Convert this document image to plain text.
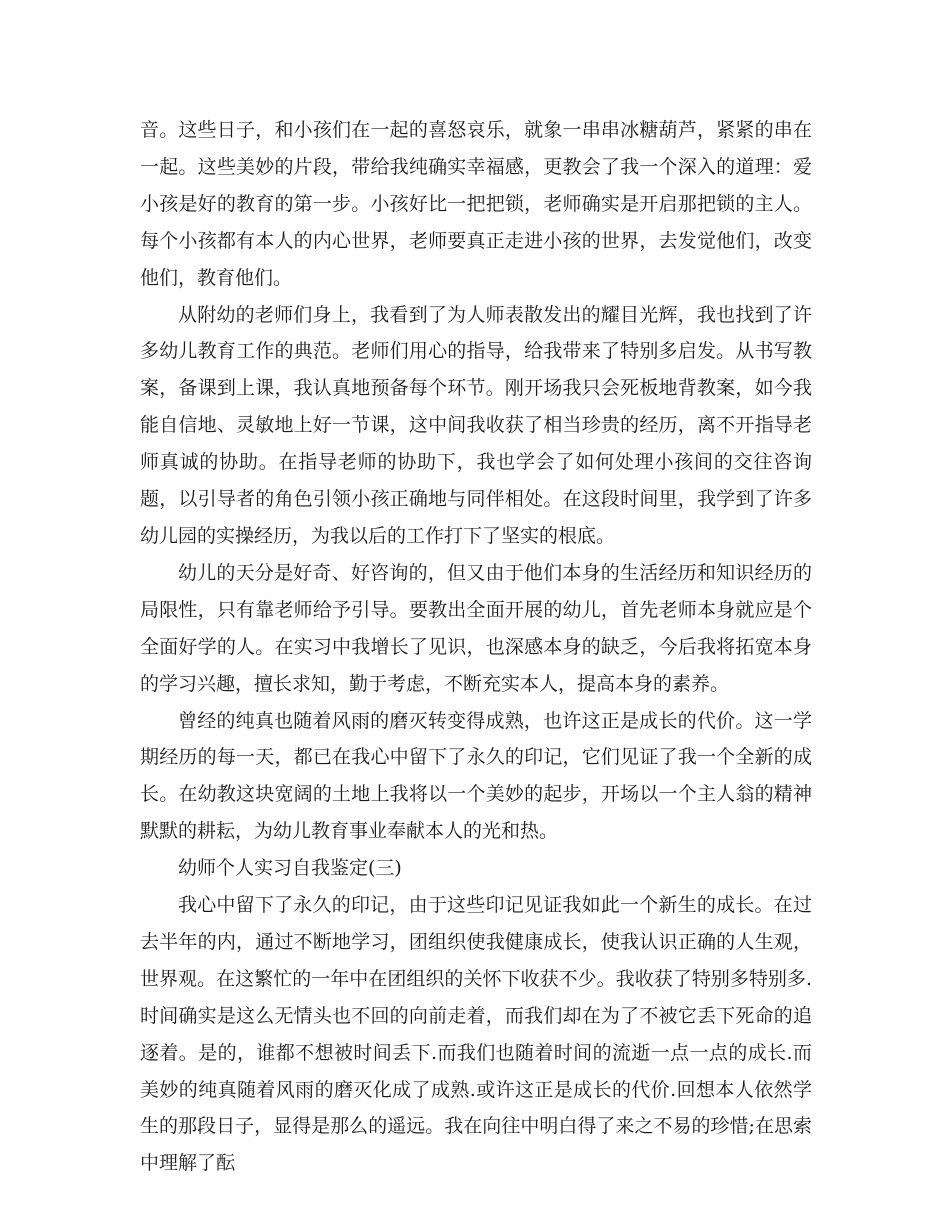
音。这些日子，和小孩们在一起的喜怒哀乐，就象一串串冰糖葫芦，紧紧的串在一起。这些美妙的片段，带给我纯确实幸福感，更教会了我一个深入的道理：爱小孩是好的教育的第一步。小孩好比一把把锁，老师确实是开启那把锁的主人。每个小孩都有本人的内心世界，老师要真正走进小孩的世界，去发觉他们，改变他们，教育他们。

从附幼的老师们身上，我看到了为人师表散发出的耀目光辉，我也找到了许多幼儿教育工作的典范。老师们用心的指导，给我带来了特别多启发。从书写教案，备课到上课，我认真地预备每个环节。刚开场我只会死板地背教案，如今我能自信地、灵敏地上好一节课，这中间我收获了相当珍贵的经历，离不开指导老师真诚的协助。在指导老师的协助下，我也学会了如何处理小孩间的交往咨询题，以引导者的角色引领小孩正确地与同伴相处。在这段时间里，我学到了许多幼儿园的实操经历，为我以后的工作打下了坚实的根底。

幼儿的天分是好奇、好咨询的，但又由于他们本身的生活经历和知识经历的局限性，只有靠老师给予引导。要教出全面开展的幼儿，首先老师本身就应是个全面好学的人。在实习中我增长了见识，也深感本身的缺乏，今后我将拓宽本身的学习兴趣，擅长求知，勤于考虑，不断充实本人，提高本身的素养。

曾经的纯真也随着风雨的磨灭转变得成熟，也许这正是成长的代价。这一学期经历的每一天，都已在我心中留下了永久的印记，它们见证了我一个全新的成长。在幼教这块宽阔的土地上我将以一个美妙的起步，开场以一个主人翁的精神默默的耕耘，为幼儿教育事业奉献本人的光和热。

幼师个人实习自我鉴定(三)

我心中留下了永久的印记，由于这些印记见证我如此一个新生的成长。在过去半年的内，通过不断地学习，团组织使我健康成长，使我认识正确的人生观，世界观。在这繁忙的一年中在团组织的关怀下收获不少。我收获了特别多特别多.时间确实是这么无情头也不回的向前走着，而我们却在为了不被它丢下死命的追逐着。是的，谁都不想被时间丢下.而我们也随着时间的流逝一点一点的成长.而美妙的纯真随着风雨的磨灭化成了成熟.或许这正是成长的代价.回想本人依然学生的那段日子，显得是那么的遥远。我在向往中明白得了来之不易的珍惜;在思索中理解了酝
